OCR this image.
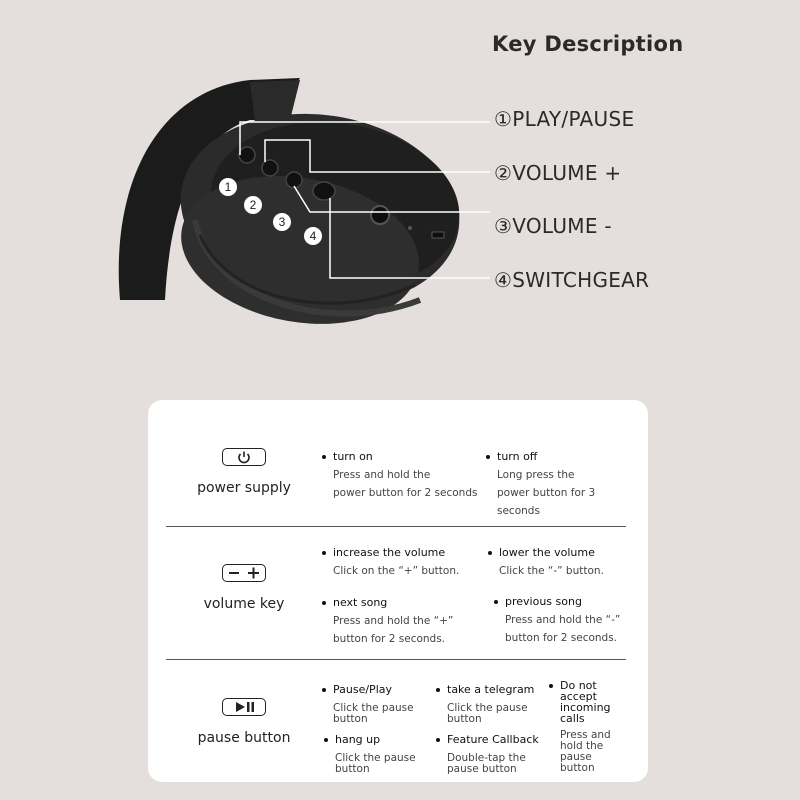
1
2
3
4
Key Description
①PLAY/PAUSE
②VOLUME +
③VOLUME -
④SWITCHGEAR
power supply
turn on
Press and hold the
power button for 2 seconds
turn off
Long press the
power button for 3 seconds
volume key
increase the volume
Click on the “+” button.
lower the volume
Click the “-” button.
next song
Press and hold the “+”
button for 2 seconds.
previous song
Press and hold the “-”
button for 2 seconds.
pause button
Pause/Play
Click the pause
button
take a telegram
Click the pause
button
Do not accept
incoming calls
Press and hold the
pause button
hang up
Click the pause
button
Feature Callback
Double-tap the
pause button
